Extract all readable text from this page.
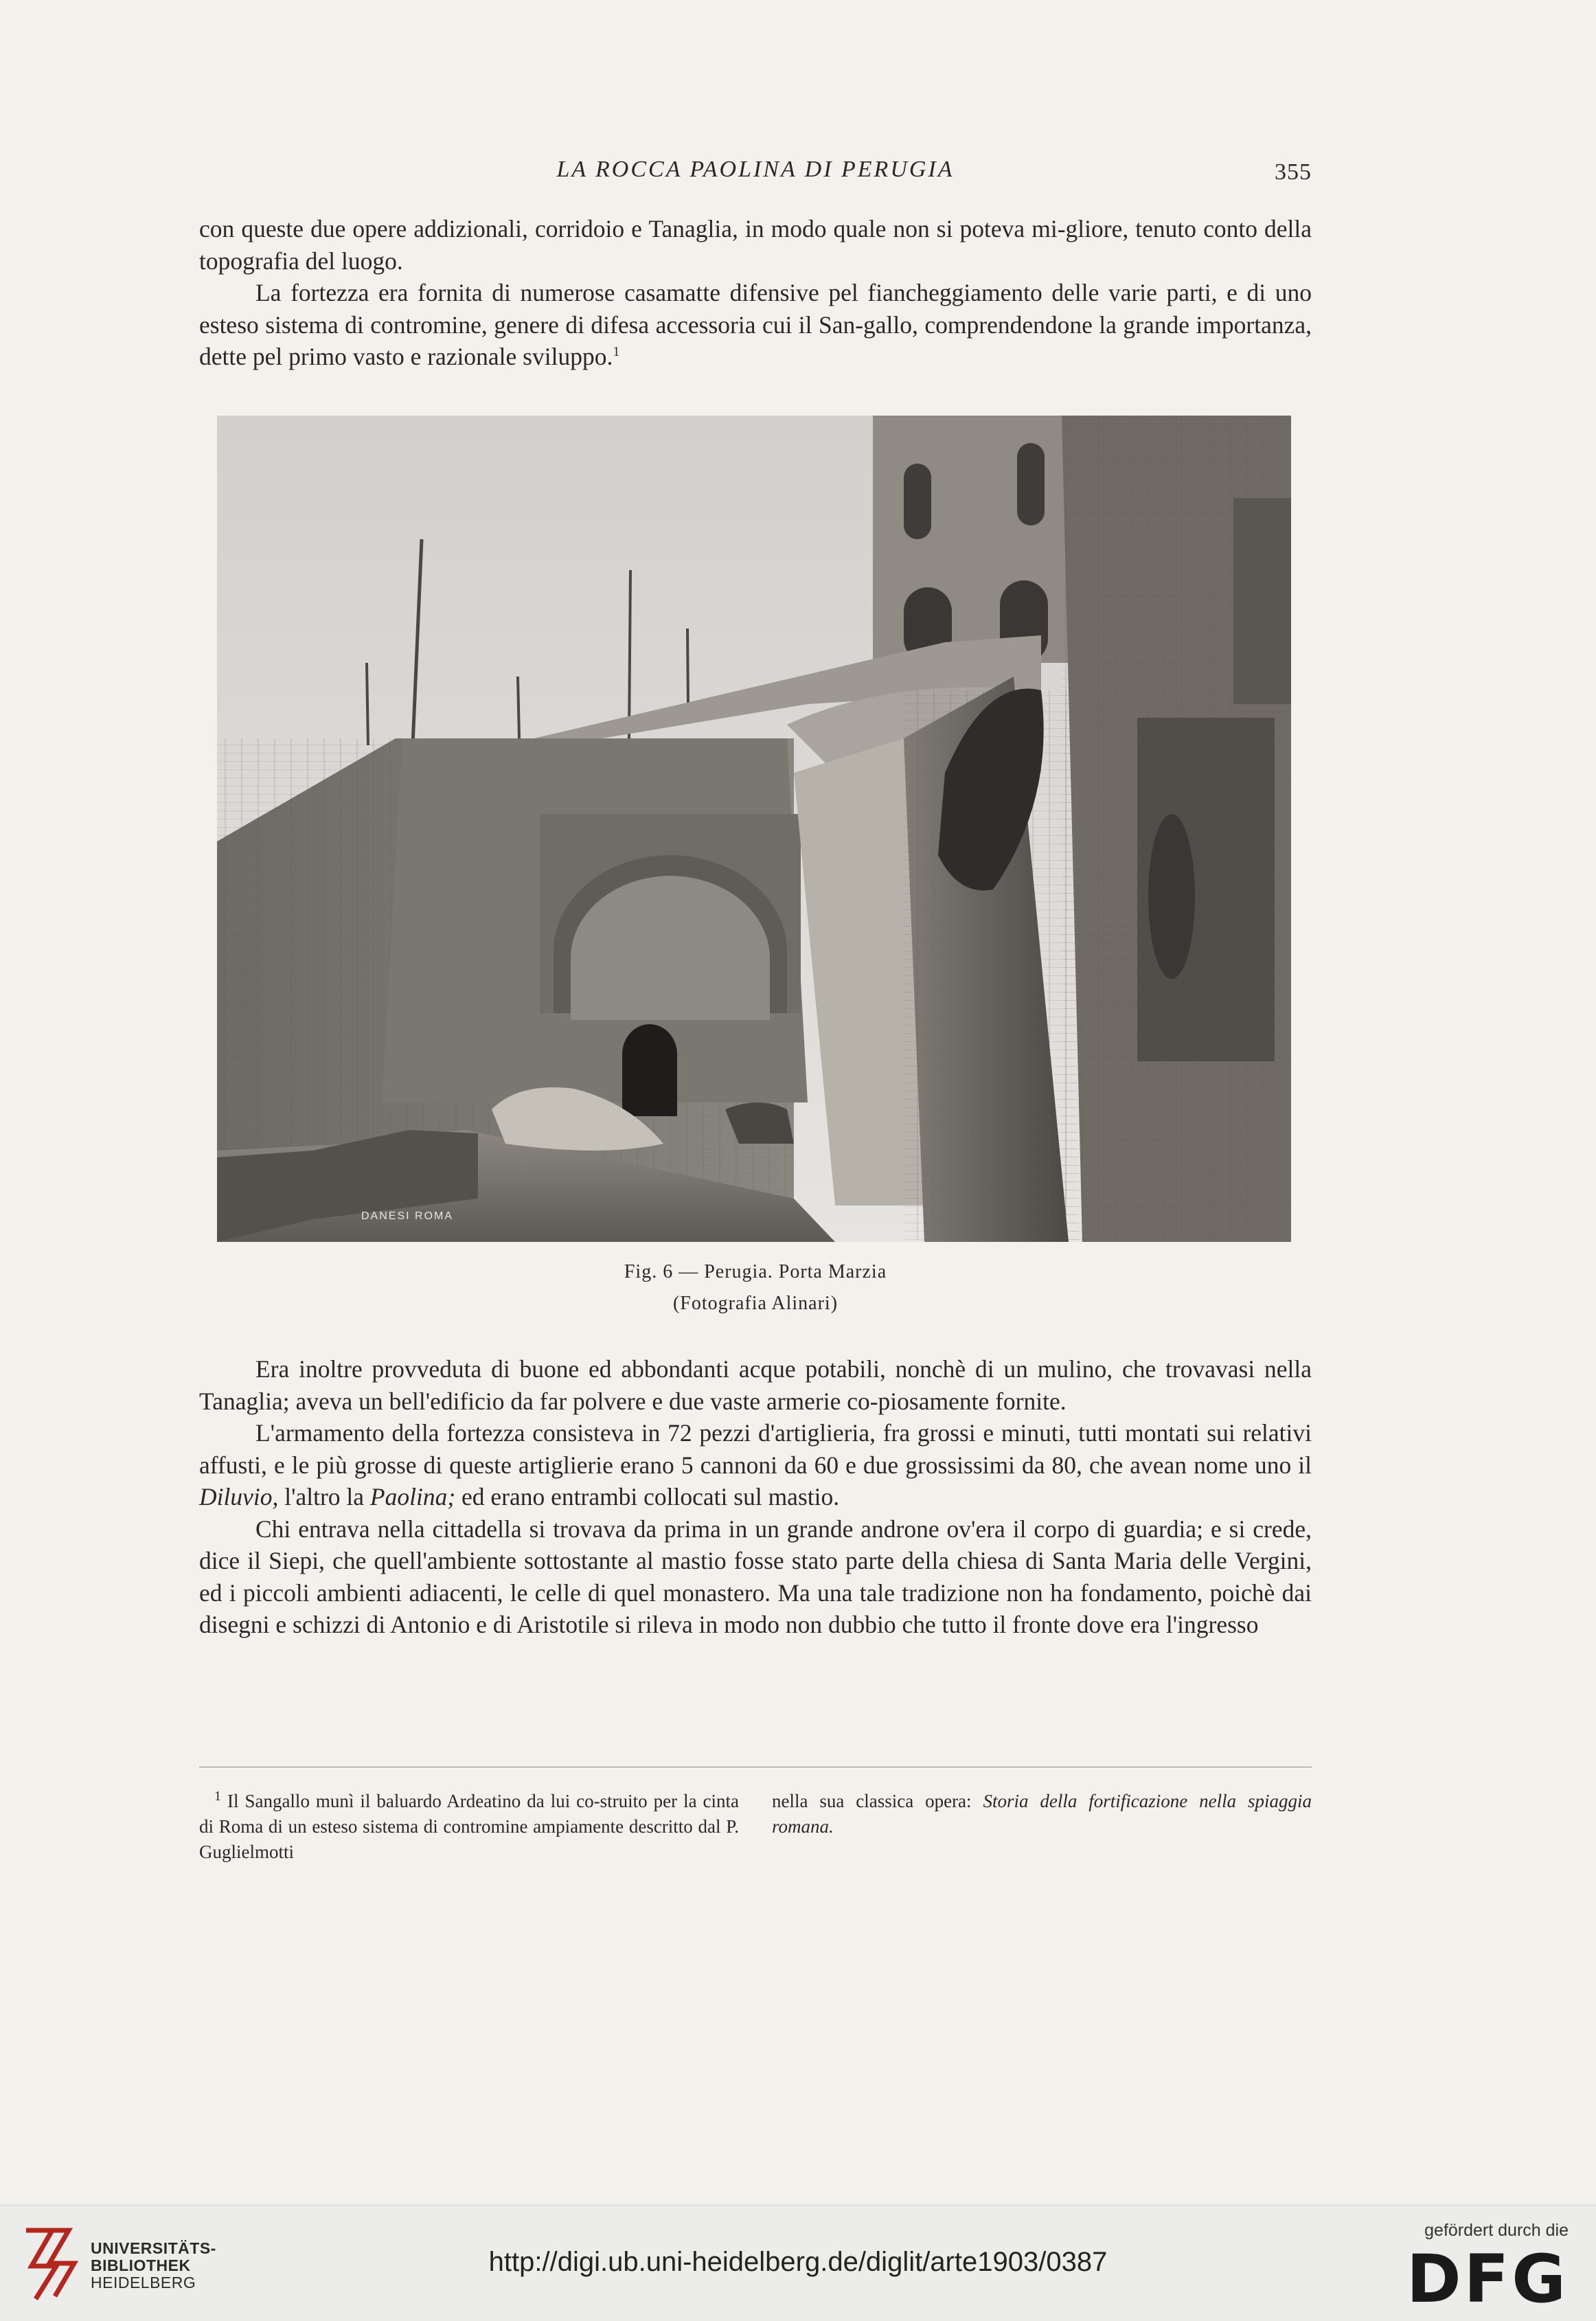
LA ROCCA PAOLINA DI PERUGIA	355

con queste due opere addizionali, corridoio e Tanaglia, in modo quale non si poteva mi-gliore, tenuto conto della topografia del luogo.

La fortezza era fornita di numerose casamatte difensive pel fiancheggiamento delle varie parti, e di uno esteso sistema di contromine, genere di difesa accessoria cui il San-gallo, comprendendone la grande importanza, dette pel primo vasto e razionale sviluppo.$^1$

DANESI ROMA
Fig. 6 — Perugia. Porta Marzia
(Fotografia Alinari)

Era inoltre provveduta di buone ed abbondanti acque potabili, nonchè di un mulino, che trovavasi nella Tanaglia; aveva un bell'edificio da far polvere e due vaste armerie co-piosamente fornite.

L'armamento della fortezza consisteva in 72 pezzi d'artiglieria, fra grossi e minuti, tutti montati sui relativi affusti, e le più grosse di queste artiglierie erano 5 cannoni da 60 e due grossissimi da 80, che avean nome uno il Diluvio, l'altro la Paolina; ed erano entrambi collocati sul mastio.

Chi entrava nella cittadella si trovava da prima in un grande androne ov'era il corpo di guardia; e si crede, dice il Siepi, che quell'ambiente sottostante al mastio fosse stato parte della chiesa di Santa Maria delle Vergini, ed i piccoli ambienti adiacenti, le celle di quel monastero. Ma una tale tradizione non ha fondamento, poichè dai disegni e schizzi di Antonio e di Aristotile si rileva in modo non dubbio che tutto il fronte dove era l'ingresso

$^1$ Il Sangallo munì il baluardo Ardeatino da lui co-struito per la cinta di Roma di un esteso sistema di contromine ampiamente descritto dal P. Guglielmotti

nella sua classica opera: Storia della fortificazione nella spiaggia romana.

UNIVERSITÄTS-
BIBLIOTHEK
HEIDELBERG
http://digi.ub.uni-heidelberg.de/diglit/arte1903/0387
gefördert durch die
DFG
